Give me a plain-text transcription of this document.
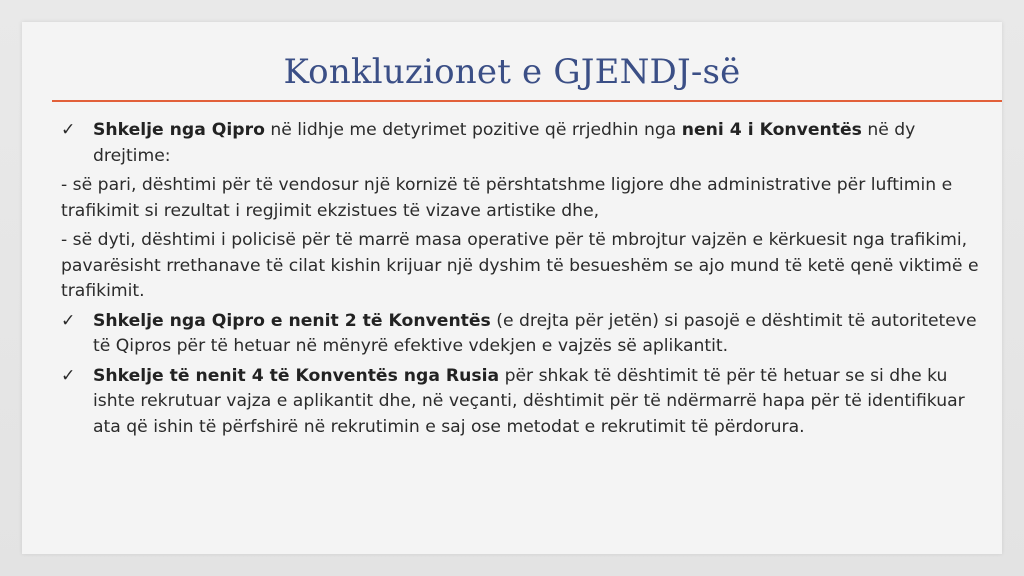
Konkluzionet e GJENDJ-së
✓	Shkelje nga Qipro në lidhje me detyrimet pozitive që rrjedhin nga neni 4 i Konventës në dy drejtime:
- së pari, dështimi për të vendosur një kornizë të përshtatshme ligjore dhe administrative për luftimin e trafikimit si rezultat i regjimit ekzistues të vizave artistike dhe,
- së dyti, dështimi i policisë për të marrë masa operative për të mbrojtur vajzën e kërkuesit nga trafikimi, pavarësisht rrethanave të cilat kishin krijuar një dyshim të besueshëm se ajo mund të ketë qenë viktimë e trafikimit.
✓	Shkelje nga Qipro e nenit 2 të Konventës (e drejta për jetën) si pasojë e dështimit të autoriteteve të Qipros për të hetuar në mënyrë efektive vdekjen e vajzës së aplikantit.
✓	Shkelje të nenit 4 të Konventës nga Rusia për shkak të dështimit të për të hetuar se si dhe ku ishte rekrutuar vajza e aplikantit dhe, në veçanti, dështimit për të ndërmarrë hapa për të identifikuar ata që ishin të përfshirë në rekrutimin e saj ose metodat e rekrutimit të përdorura.
